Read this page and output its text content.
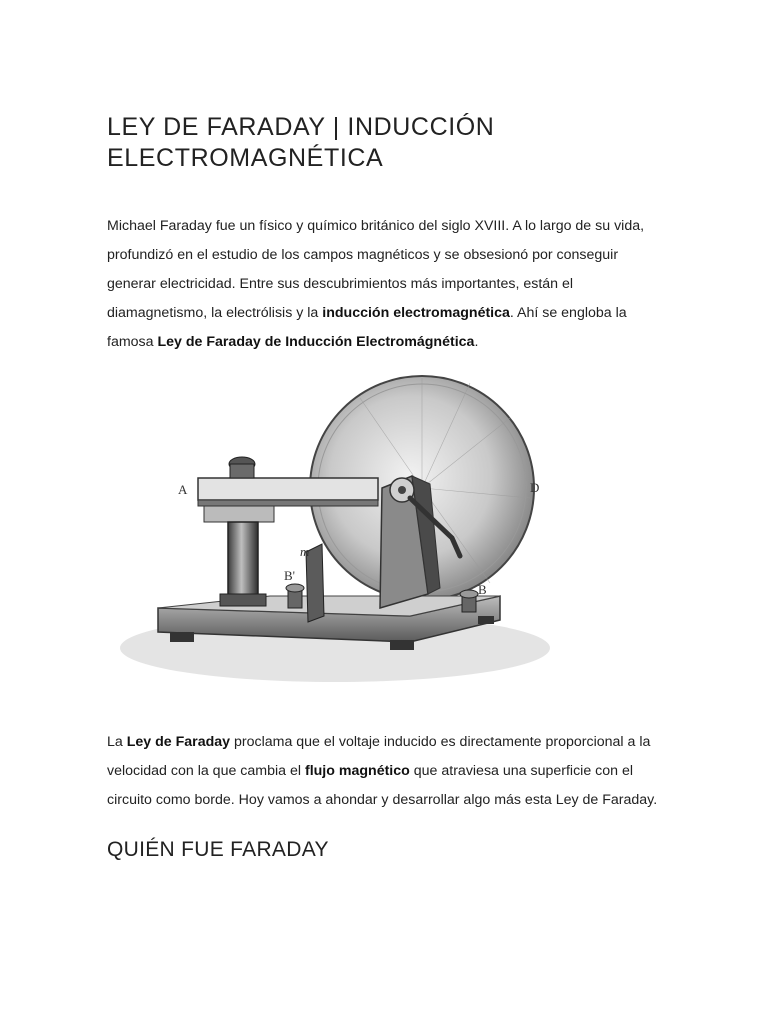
LEY DE FARADAY | INDUCCIÓN ELECTROMAGNÉTICA

Michael Faraday fue un físico y químico británico del siglo XVIII. A lo largo de su vida, profundizó en el estudio de los campos magnéticos y se obsesionó por conseguir generar electricidad. Entre sus descubrimientos más importantes, están el diamagnetismo, la electrólisis y la inducción electromagnética. Ahí se engloba la famosa Ley de Faraday de Inducción Electromágnética.

A	D
m
B'
B

La Ley de Faraday proclama que el voltaje inducido es directamente proporcional a la velocidad con la que cambia el flujo magnético que atraviesa una superficie con el circuito como borde. Hoy vamos a ahondar y desarrollar algo más esta Ley de Faraday.

QUIÉN FUE FARADAY
